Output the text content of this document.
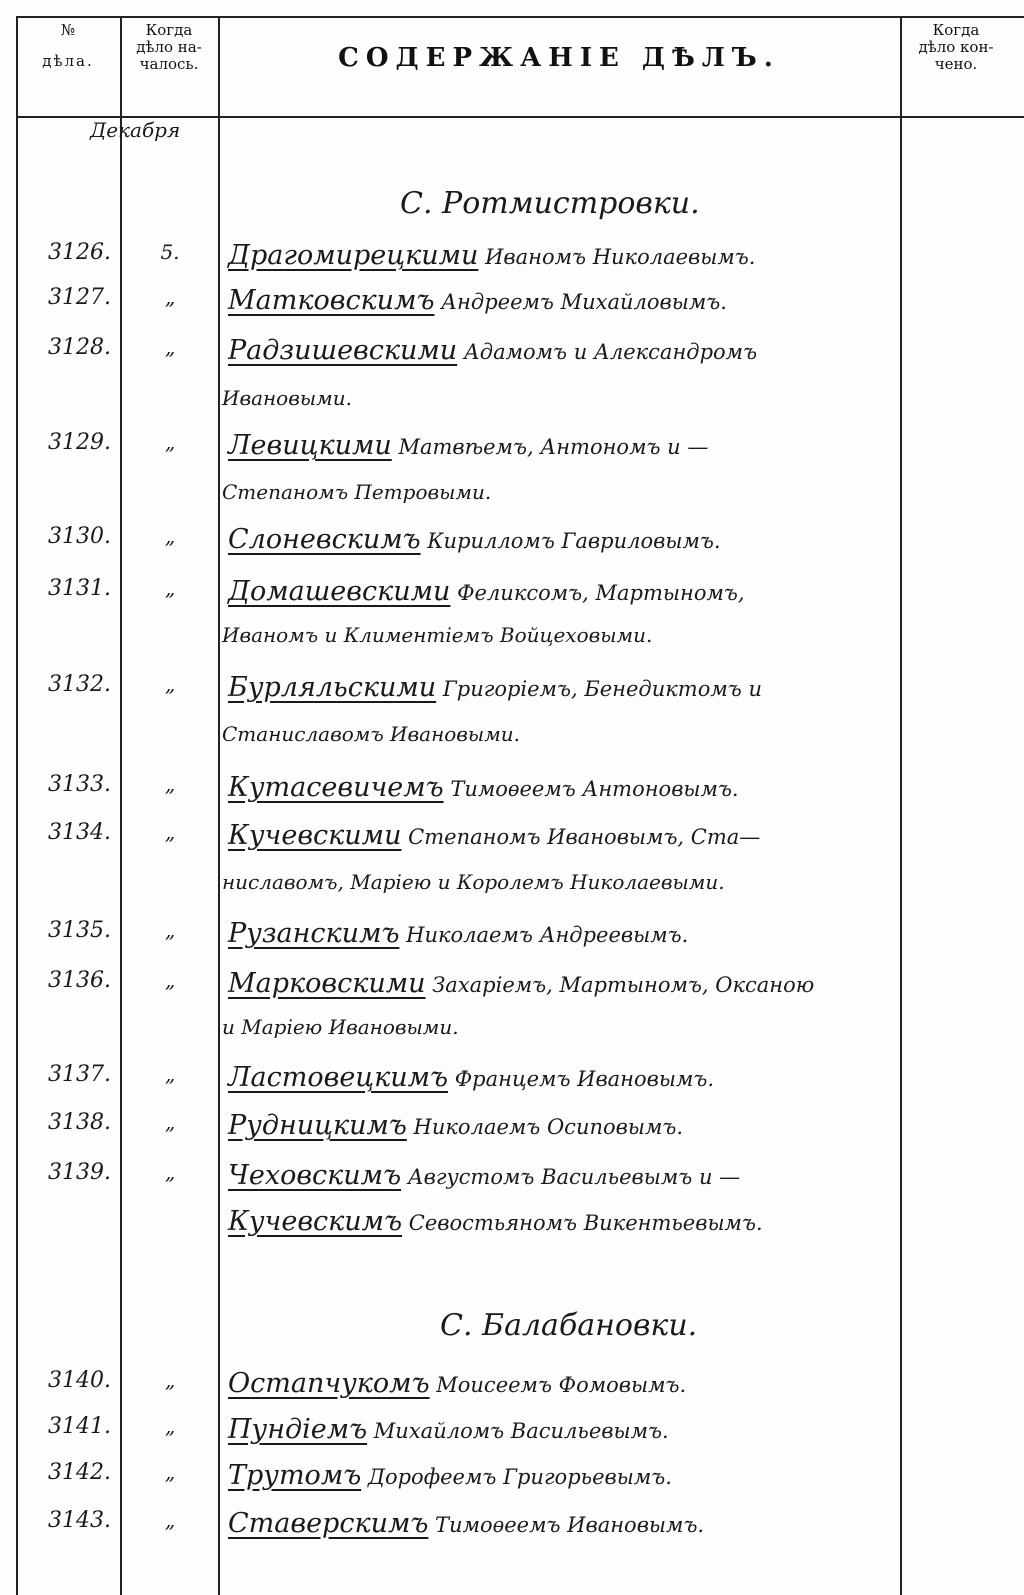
№
дѣла.
Когда
дѣло на-
чалось.	СОДЕРЖАНІЕ ДѢЛЪ.
Когда
дѣло кон-
чено.
Декабря
С. Ротмистровки.
3126.	5.	Драгомирецкими Иваномъ Николаевымъ.
3127.	„	Матковскимъ Андреемъ Михайловымъ.
3128.	„	Радзишевскими Адамомъ и Александромъ
Ивановыми.
3129.	„	Левицкими Матвѣемъ, Антономъ и —
Степаномъ Петровыми.
3130.	„	Слоневскимъ Кирилломъ Гавриловымъ.
3131.	„	Домашевскими Феликсомъ, Мартыномъ,
Иваномъ и Климентіемъ Войцеховыми.
3132.	„	Бурляльскими Григоріемъ, Бенедиктомъ и
Станиславомъ Ивановыми.
3133.	„	Кутасевичемъ Тимоѳеемъ Антоновымъ.
3134.	„	Кучевскими Степаномъ Ивановымъ, Ста—
ниславомъ, Маріею и Королемъ Николаевыми.
3135.	„	Рузанскимъ Николаемъ Андреевымъ.
3136.	„	Марковскими Захаріемъ, Мартыномъ, Оксаною
и Маріею Ивановыми.
3137.	„	Ластовецкимъ Францемъ Ивановымъ.
3138.	„	Рудницкимъ Николаемъ Осиповымъ.
3139.	„	Чеховскимъ Августомъ Васильевымъ и —
Кучевскимъ Севостьяномъ Викентьевымъ.
С. Балабановки.
3140.	„	Остапчукомъ Моисеемъ Фомовымъ.
3141.	„	Пундіемъ Михайломъ Васильевымъ.
3142.	„	Трутомъ Дорофеемъ Григорьевымъ.
3143.	„	Ставерскимъ Тимоѳеемъ Ивановымъ.
